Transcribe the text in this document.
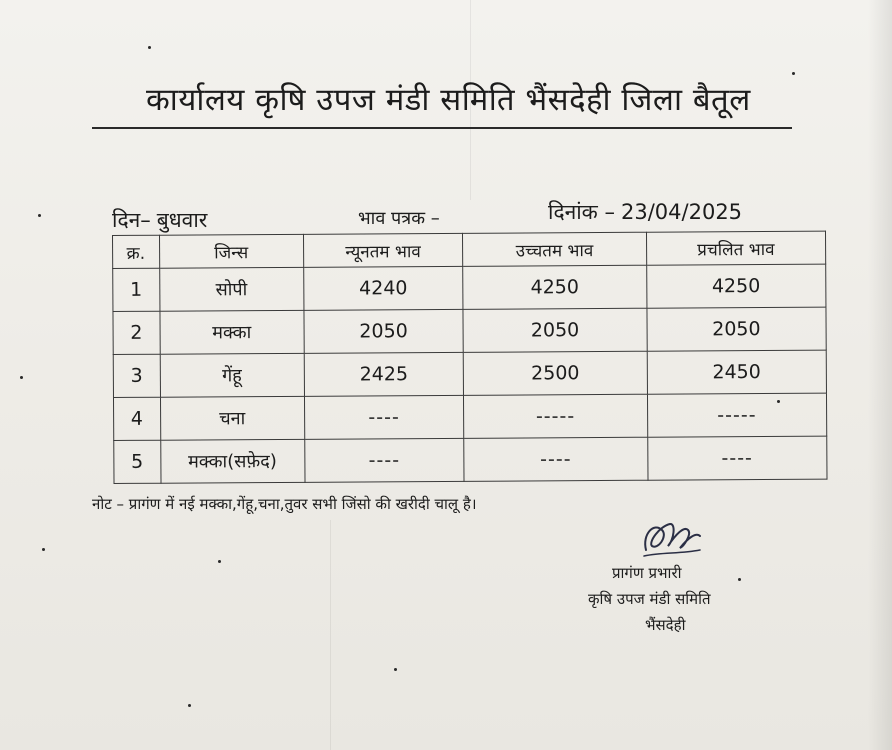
कार्यालय कृषि उपज मंडी समिति भैंसदेही जिला बैतूल
दिन– बुधवार	भाव पत्रक –	दिनांक – 23/04/2025
क्र.	जिन्स	न्यूनतम भाव	उच्चतम भाव	प्रचलित भाव
1	सोपी	4240	4250	4250
2	मक्का	2050	2050	2050
3	गेंहू	2425	2500	2450
4	चना	----	-----	-----
5	मक्का(सफ़ेद)	----	----	----
नोट – प्रागंण में नई मक्का,गेंहू,चना,तुवर सभी जिंसो की खरीदी चालू है।
प्रागंण प्रभारी
कृषि उपज मंडी समिति
भैंसदेही
